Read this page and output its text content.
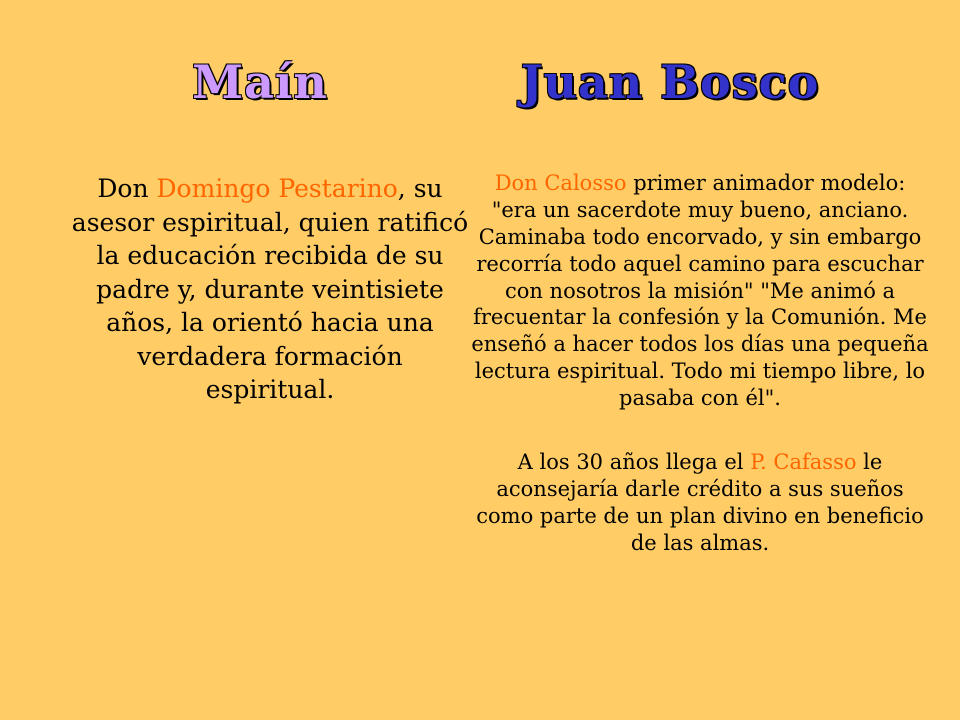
Maín	Juan Bosco

Don Domingo Pestarino, su asesor espiritual, quien ratificó la educación recibida de su padre y, durante veintisiete años, la orientó hacia una verdadera formación espiritual.

Don Calosso primer animador modelo: "era un sacerdote muy bueno, anciano. Caminaba todo encorvado, y sin embargo recorría todo aquel camino para escuchar con nosotros la misión" "Me animó a frecuentar la confesión y la Comunión. Me enseñó a hacer todos los días una pequeña lectura espiritual. Todo mi tiempo libre, lo pasaba con él".

A los 30 años llega el P. Cafasso le aconsejaría darle crédito a sus sueños como parte de un plan divino en beneficio de las almas.
